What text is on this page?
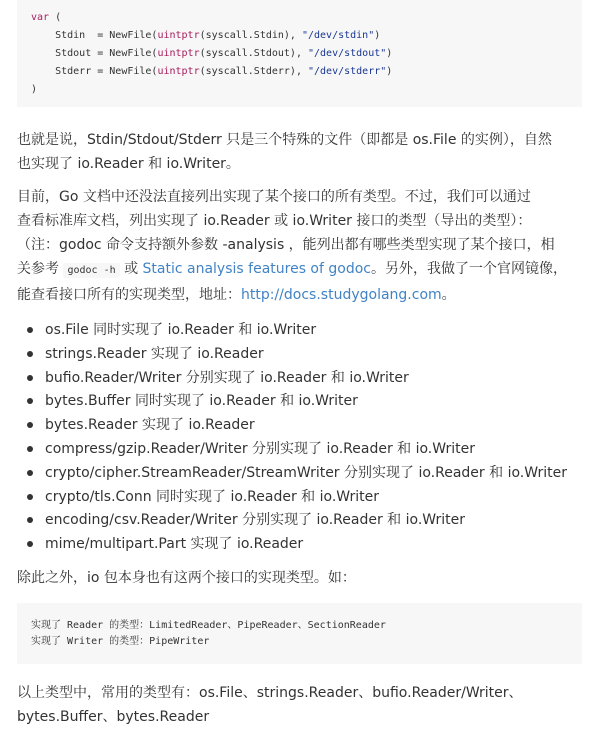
var (
Stdin  = NewFile(uintptr(syscall.Stdin), "/dev/stdin")
Stdout = NewFile(uintptr(syscall.Stdout), "/dev/stdout")
Stderr = NewFile(uintptr(syscall.Stderr), "/dev/stderr")
)
也就是说，Stdin/Stdout/Stderr 只是三个特殊的文件（即都是 os.File 的实例），自然
也实现了 io.Reader 和 io.Writer。
目前，Go 文档中还没法直接列出实现了某个接口的所有类型。不过，我们可以通过
查看标准库文档，列出实现了 io.Reader 或 io.Writer 接口的类型（导出的类型）：
（注：godoc 命令支持额外参数 -analysis ，能列出都有哪些类型实现了某个接口，相
关参考 godoc -h 或 Static analysis features of godoc。另外，我做了一个官网镜像，
能查看接口所有的实现类型，地址：http://docs.studygolang.com。
os.File 同时实现了 io.Reader 和 io.Writer
strings.Reader 实现了 io.Reader
bufio.Reader/Writer 分别实现了 io.Reader 和 io.Writer
bytes.Buffer 同时实现了 io.Reader 和 io.Writer
bytes.Reader 实现了 io.Reader
compress/gzip.Reader/Writer 分别实现了 io.Reader 和 io.Writer
crypto/cipher.StreamReader/StreamWriter 分别实现了 io.Reader 和 io.Writer
crypto/tls.Conn 同时实现了 io.Reader 和 io.Writer
encoding/csv.Reader/Writer 分别实现了 io.Reader 和 io.Writer
mime/multipart.Part 实现了 io.Reader
除此之外，io 包本身也有这两个接口的实现类型。如：
实现了 Reader 的类型：LimitedReader、PipeReader、SectionReader
实现了 Writer 的类型：PipeWriter
以上类型中，常用的类型有：os.File、strings.Reader、bufio.Reader/Writer、
bytes.Buffer、bytes.Reader
